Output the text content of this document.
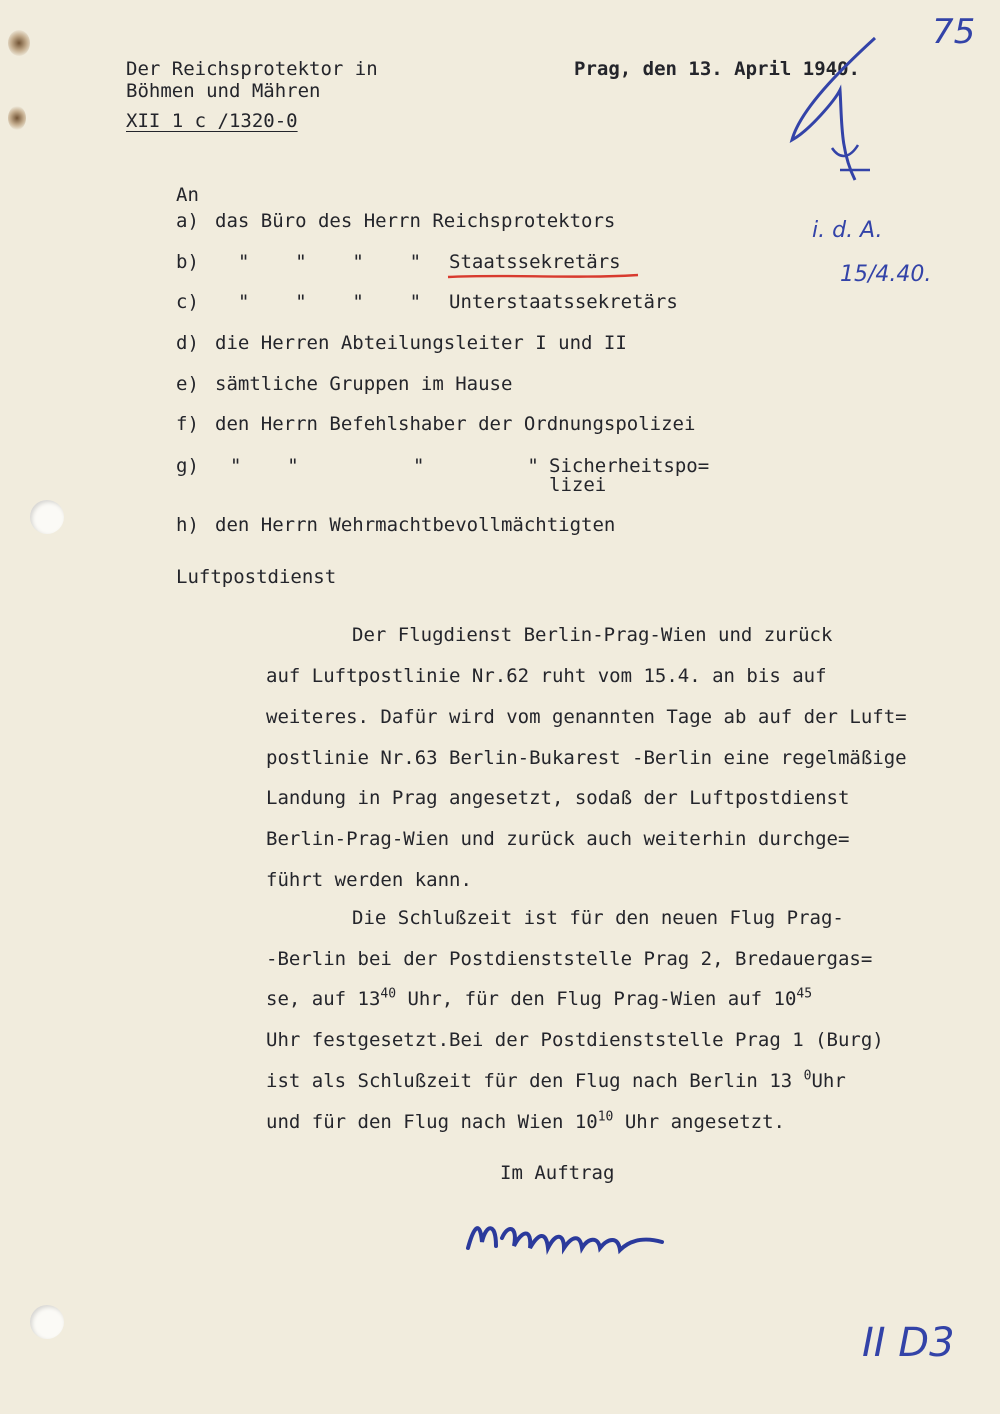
Der Reichsprotektor in
Böhmen und Mähren
XII 1 c /1320-0
Prag, den 13. April 1940.
75
i. d. A.
15/4.40.
An
a) das Büro des Herrn Reichsprotektors
b) "    "    "    " Staatssekretärs
c) "    "    "    " Unterstaatssekretärs
d) die Herren Abteilungsleiter I und II
e) sämtliche Gruppen im Hause
f) den Herrn Befehlshaber der Ordnungspolizei
g) "    "          "         " Sicherheitspo=
lizei
h) den Herrn Wehrmachtbevollmächtigten
Luftpostdienst
Der Flugdienst Berlin-Prag-Wien und zurück
auf Luftpostlinie Nr.62 ruht vom 15.4. an bis auf
weiteres. Dafür wird vom genannten Tage ab auf der Luft=
postlinie Nr.63 Berlin-Bukarest -Berlin eine regelmäßige
Landung in Prag angesetzt, sodaß der Luftpostdienst
Berlin-Prag-Wien und zurück auch weiterhin durchge=
führt werden kann.
Die Schlußzeit ist für den neuen Flug Prag-
-Berlin bei der Postdienststelle Prag 2, Bredauergas=
se, auf $13^{40}$ Uhr, für den Flug Prag-Wien auf $10^{45}$
Uhr festgesetzt.Bei der Postdienststelle Prag 1 (Burg)
ist als Schlußzeit für den Flug nach Berlin 13 $^0$Uhr
und für den Flug nach Wien $10^{10}$ Uhr angesetzt.
Im Auftrag
II D3
